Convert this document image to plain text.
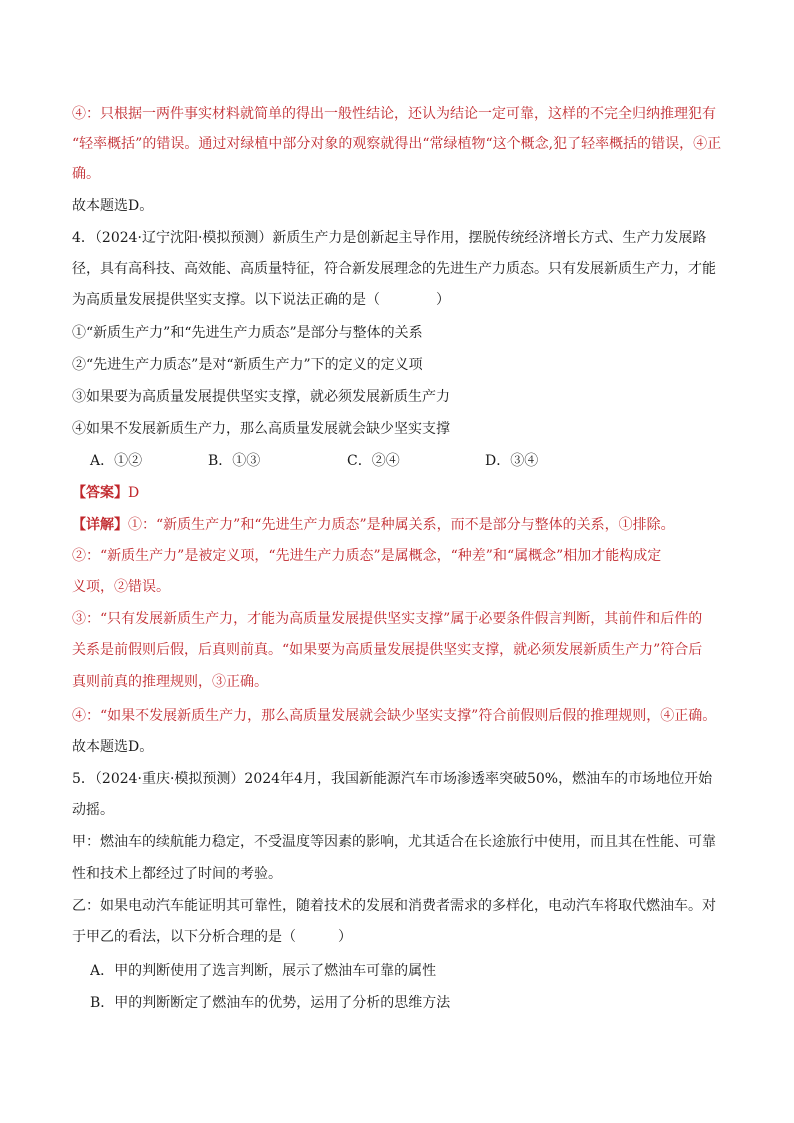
④：只根据一两件事实材料就简单的得出一般性结论，还认为结论一定可靠，这样的不完全归纳推理犯有
“轻率概括”的错误。通过对绿植中部分对象的观察就得出“常绿植物“这个概念,犯了轻率概括的错误，④正
确。
故本题选D。
4．（2024·辽宁沈阳·模拟预测）新质生产力是创新起主导作用，摆脱传统经济增长方式、生产力发展路
径，具有高科技、高效能、高质量特征，符合新发展理念的先进生产力质态。只有发展新质生产力，才能
为高质量发展提供坚实支撑。以下说法正确的是（　　　　）
①“新质生产力”和“先进生产力质态”是部分与整体的关系
②“先进生产力质态”是对“新质生产力”下的定义的定义项
③如果要为高质量发展提供坚实支撑，就必须发展新质生产力
④如果不发展新质生产力，那么高质量发展就会缺少坚实支撑
A．①②	B．①③	C．②④	D．③④
【答案】D
【详解】①：“新质生产力”和“先进生产力质态”是种属关系，而不是部分与整体的关系，①排除。
②：“新质生产力”是被定义项，“先进生产力质态”是属概念，“种差”和“属概念”相加才能构成定
义项，②错误。
③：“只有发展新质生产力，才能为高质量发展提供坚实支撑”属于必要条件假言判断，其前件和后件的
关系是前假则后假，后真则前真。“如果要为高质量发展提供坚实支撑，就必须发展新质生产力”符合后
真则前真的推理规则，③正确。
④：“如果不发展新质生产力，那么高质量发展就会缺少坚实支撑”符合前假则后假的推理规则，④正确。
故本题选D。
5．（2024·重庆·模拟预测）2024年4月，我国新能源汽车市场渗透率突破50%，燃油车的市场地位开始
动摇。
甲：燃油车的续航能力稳定，不受温度等因素的影响，尤其适合在长途旅行中使用，而且其在性能、可靠
性和技术上都经过了时间的考验。
乙：如果电动汽车能证明其可靠性，随着技术的发展和消费者需求的多样化，电动汽车将取代燃油车。对
于甲乙的看法，以下分析合理的是（　　　）
A．甲的判断使用了选言判断，展示了燃油车可靠的属性
B．甲的判断断定了燃油车的优势，运用了分析的思维方法
